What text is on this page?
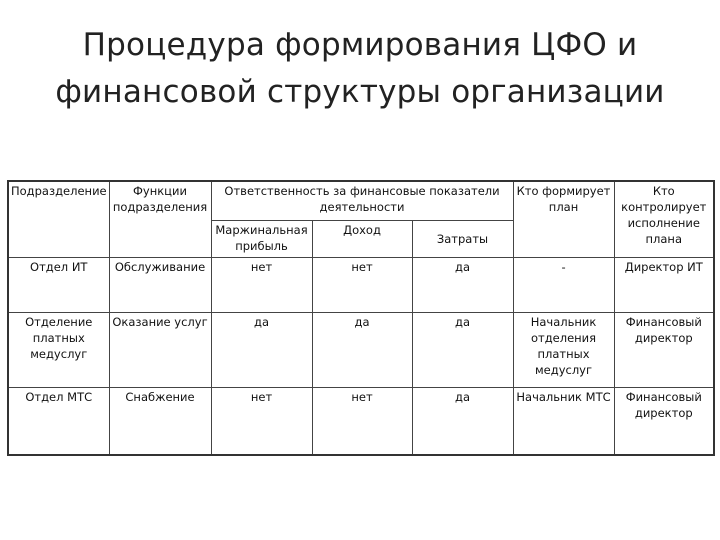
Процедура формирования ЦФО и
финансовой структуры организации
Подразделение	Функции подразделения	Ответственность за финансовые показатели деятельности			Кто формирует план	Кто контролирует исполнение плана
		Маржинальная прибыль	Доход	Затраты		
Отдел ИТ	Обслуживание	нет	нет	да	-	Директор ИТ
Отделение платных медуслуг	Оказание услуг	да	да	да	Начальник отделения платных медуслуг	Финансовый директор
Отдел МТС	Снабжение	нет	нет	да	Начальник МТС	Финансовый директор
